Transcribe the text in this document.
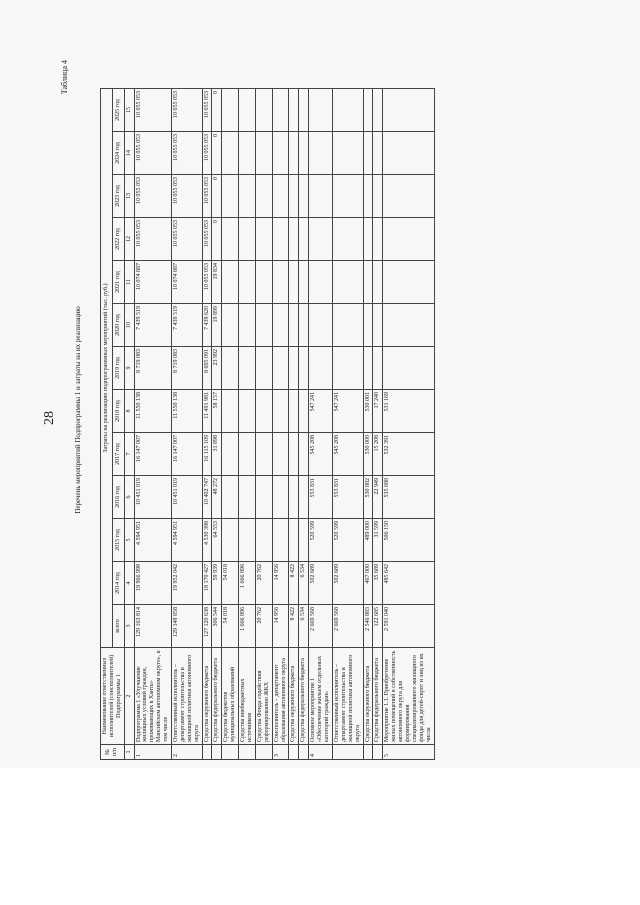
28
Таблица 4
Перечень мероприятий Подпрограммы 1 и затраты на их реализацию
№ п/п	Наименование ответственных исполнителей (соисполнителей) Подпрограммы 1	Затраты на реализацию подпрограммных мероприятий (тыс. руб.)												
		всего	2014 год	2015 год	2016 год	2017 год	2018 год	2019 год	2020 год	2021 год	2022 год	2023 год	2024 год	2025 год
1	2	3	4	5	6	7	8	9	10	11	12	13	14	15
1	Подпрограмма 1 «Улучшение жилищных условий граждан, проживающих в Ханты-Мансийском автономном округе», в том числе	129 163 814	19 966 998	4 594 951	10 451 019	16 147 007	11 550 138	8 719 083	7 439 519	10 074 887	10 055 053	10 055 053	10 055 053	10 055 053
2	Ответственный исполнитель – департамент строительства и жилищной политики автономного округа	129 148 858	19 952 042	4 594 951	10 451 019	16 147 007	11 550 138	8 719 083	7 439 519	10 074 887	10 055 053	10 055 053	10 055 053	10 055 053
	Средства окружного бюджета	127 120 638	18 170 427	4 530 398	10 402 747	16 115 109	11 491 981	8 695 091	7 439 620	10 055 053	10 055 053	10 055 053	10 055 053	10 055 053
	Средства федерального бюджета	306 544	59 939	64 553	48 272	31 898	58 157	23 992	19 899	19 834	0	0	0	0
	Средства бюджетов муниципальных образований	54 018	54 018											
	Средства внебюджетных источников	1 666 896	1 666 896											
	Средства Фонда содействия реформированию ЖКХ	20 762	20 762											
3	Соисполнитель – департамент образования автономного округа	14 956	14 956											
	Средства окружного бюджета	8 422	8 422											
	Средства федерального бюджета	6 534	6 534											
4	Основное мероприятие 1 «Обеспечение жильем отдельных категорий граждан»	2 669 568	502 689	520 599	553 831	545 208	547 241							
	Ответственный исполнитель – департамент строительства и жилищной политики автономного округа	2 669 568	502 689	520 599	553 831	545 208	547 241							
	Средства окружного бюджета	2 546 883	467 000	489 000	530 882	530 000	530 001							
	Средства федерального бюджета	122 685	35 689	31 599	22 949	15 208	17 240							
5	Мероприятие 1.1. Приобретение жилых помещений в собственность автономного округа для формирования специализированного жилищного фонда для детей-сирот и лиц из их числа	2 591 040	485 642	506 150	535 688	532 391	531 169							
